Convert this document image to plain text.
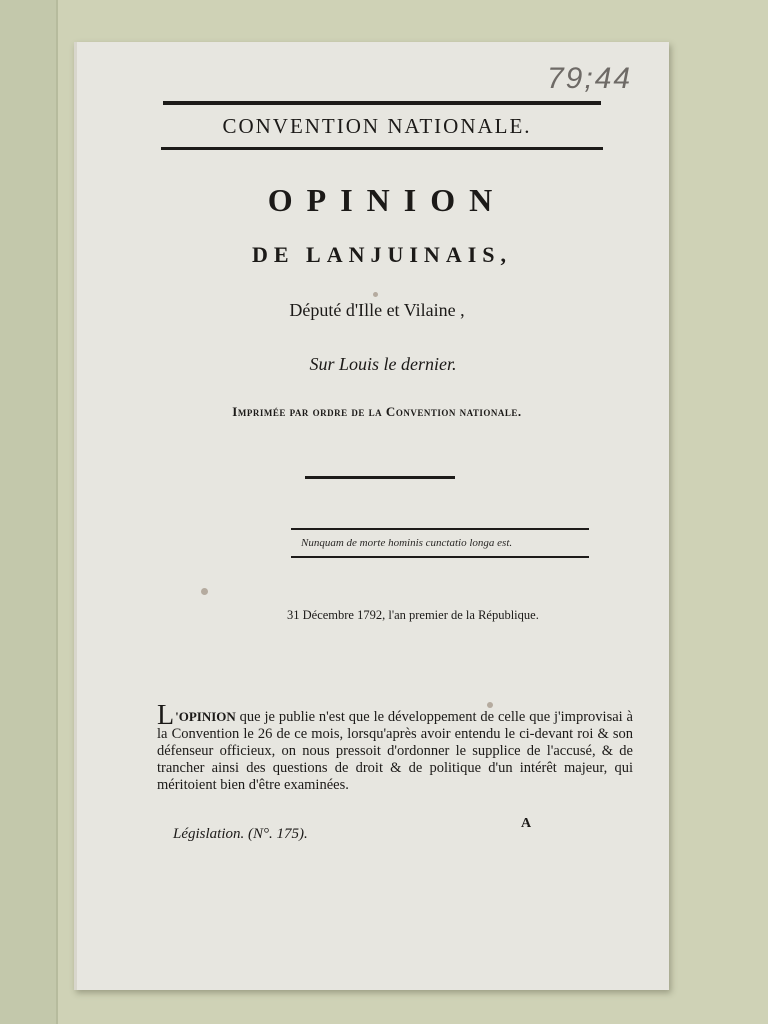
79;44
CONVENTION NATIONALE.
OPINION
DE LANJUINAIS,
Député d'Ille et Vilaine ,
Sur Louis le dernier.
Imprimée par ordre de la Convention nationale.
Nunquam de morte hominis cunctatio longa est.
31 Décembre 1792, l'an premier de la République.
L 'OPINION que je publie n'est que le développement de celle que j'improvisai à la Convention le 26 de ce mois, lorsqu'après avoir entendu le ci-devant roi & son défenseur officieux, on nous pressoit d'ordonner le supplice de l'accusé, & de trancher ainsi des questions de droit & de politique d'un intérêt majeur, qui méritoient bien d'être examinées.
Législation. (N°. 175).
A
